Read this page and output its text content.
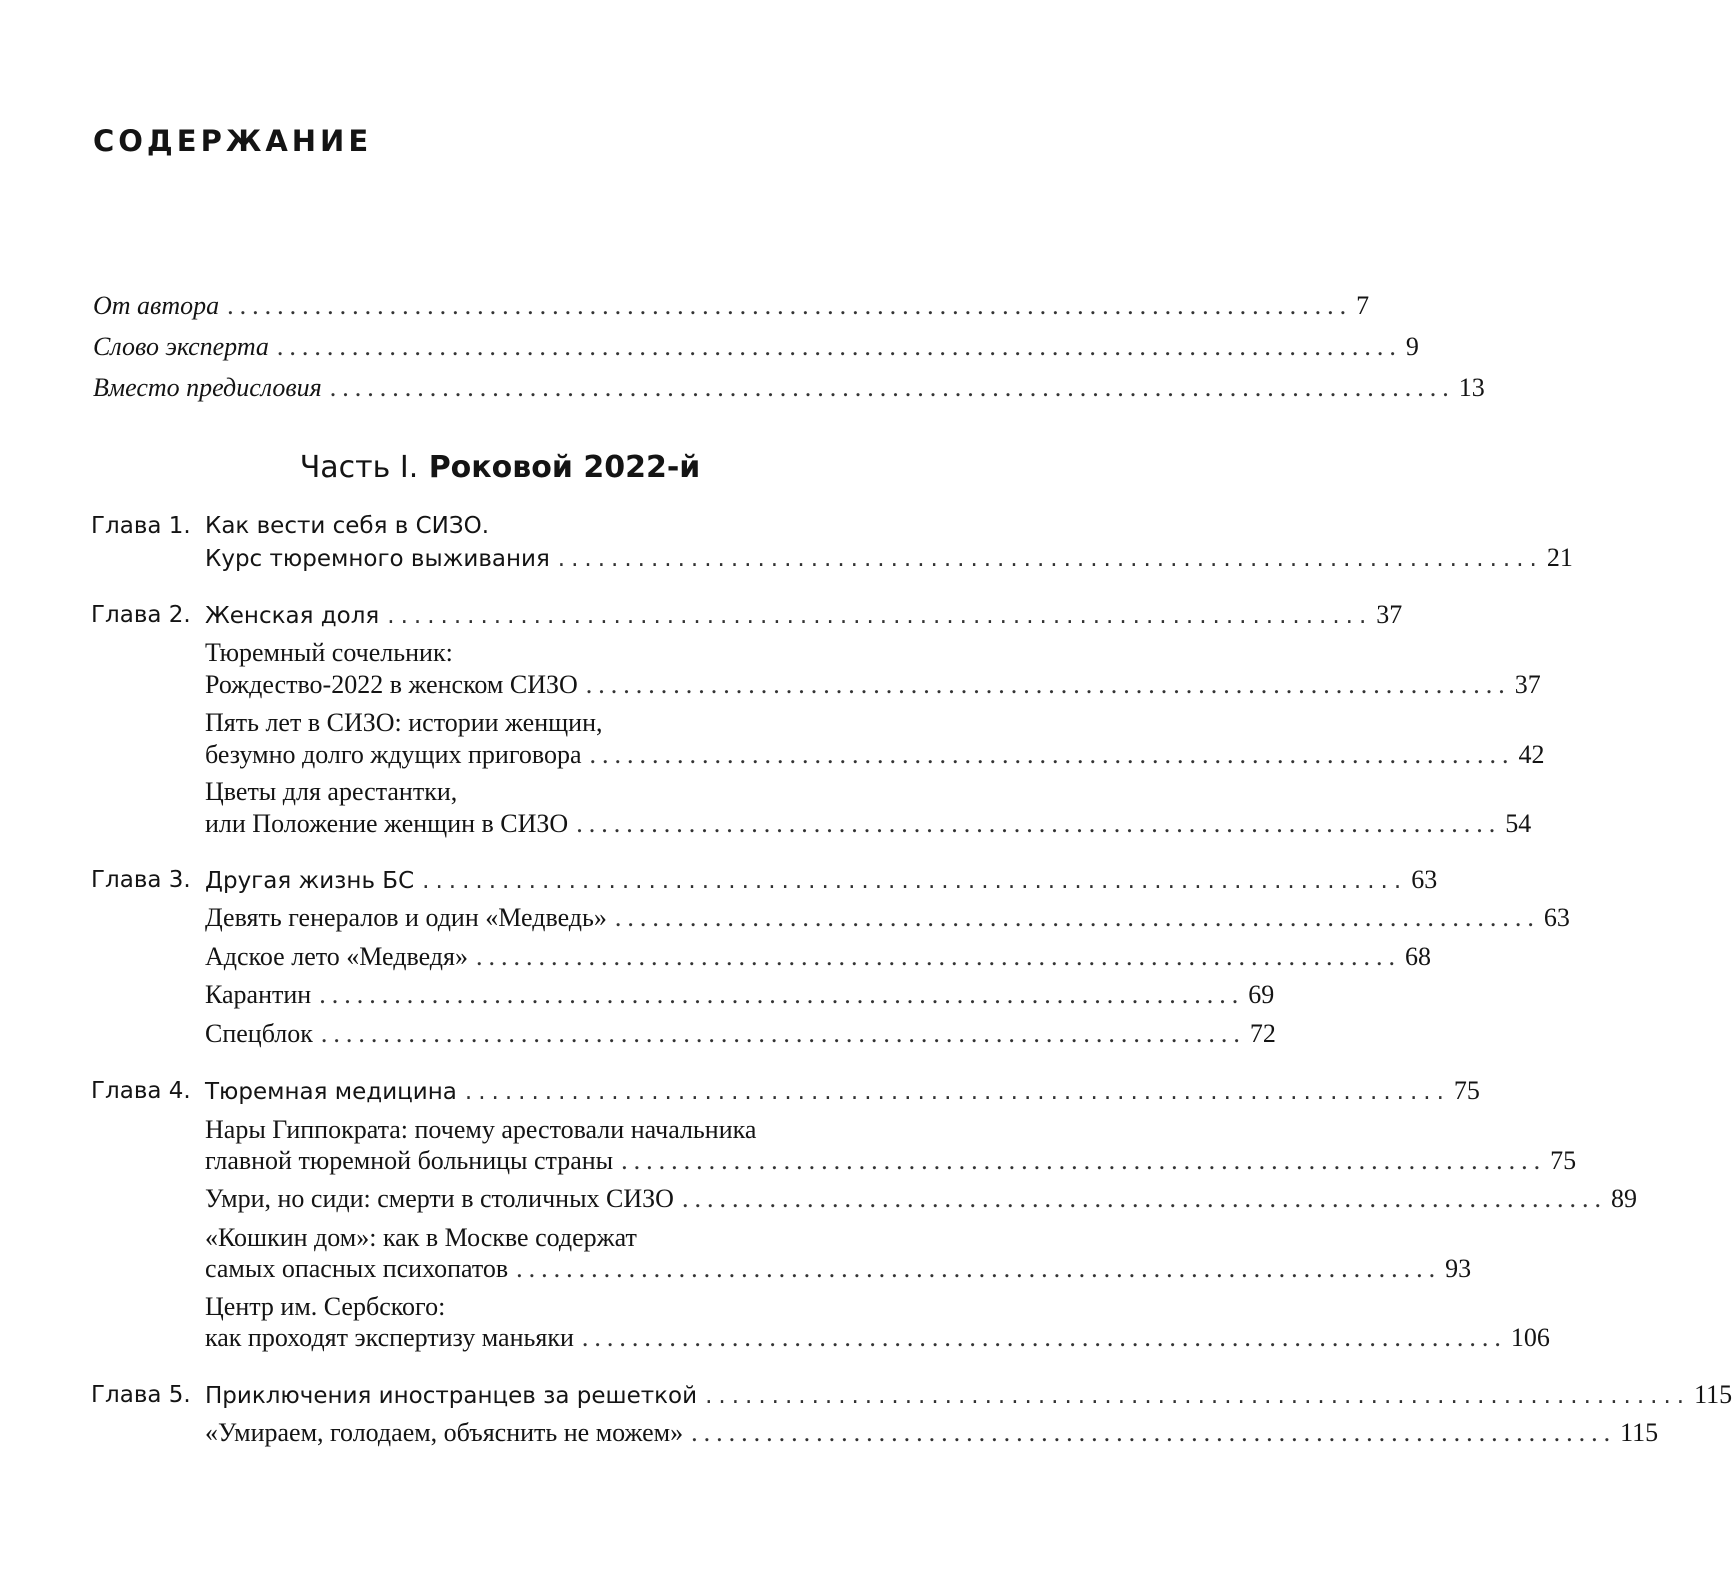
СОДЕРЖАНИЕ
От автора .......................................................................................... 7
Слово эксперта .......................................................................................... 9
Вместо предисловия .......................................................................................... 13
Часть I. Роковой 2022-й
Глава 1. Как вести себя в СИЗО.
Курс тюремного выживания .......................................................................... 21
Глава 2. Женская доля .......................................................................... 37
Тюремный сочельник:
Рождество-2022 в женском СИЗО .......................................................................... 37
Пять лет в СИЗО: истории женщин,
безумно долго ждущих приговора .......................................................................... 42
Цветы для арестантки,
или Положение женщин в СИЗО .......................................................................... 54
Глава 3. Другая жизнь БС .......................................................................... 63
Девять генералов и один «Медведь» .......................................................................... 63
Адское лето «Медведя» .......................................................................... 68
Карантин .......................................................................... 69
Спецблок .......................................................................... 72
Глава 4. Тюремная медицина .......................................................................... 75
Нары Гиппократа: почему арестовали начальника
главной тюремной больницы страны .......................................................................... 75
Умри, но сиди: смерти в столичных СИЗО .......................................................................... 89
«Кошкин дом»: как в Москве содержат
самых опасных психопатов .......................................................................... 93
Центр им. Сербского:
как проходят экспертизу маньяки .......................................................................... 106
Глава 5. Приключения иностранцев за решеткой .......................................................................... 115
«Умираем, голодаем, объяснить не можем» .......................................................................... 115
